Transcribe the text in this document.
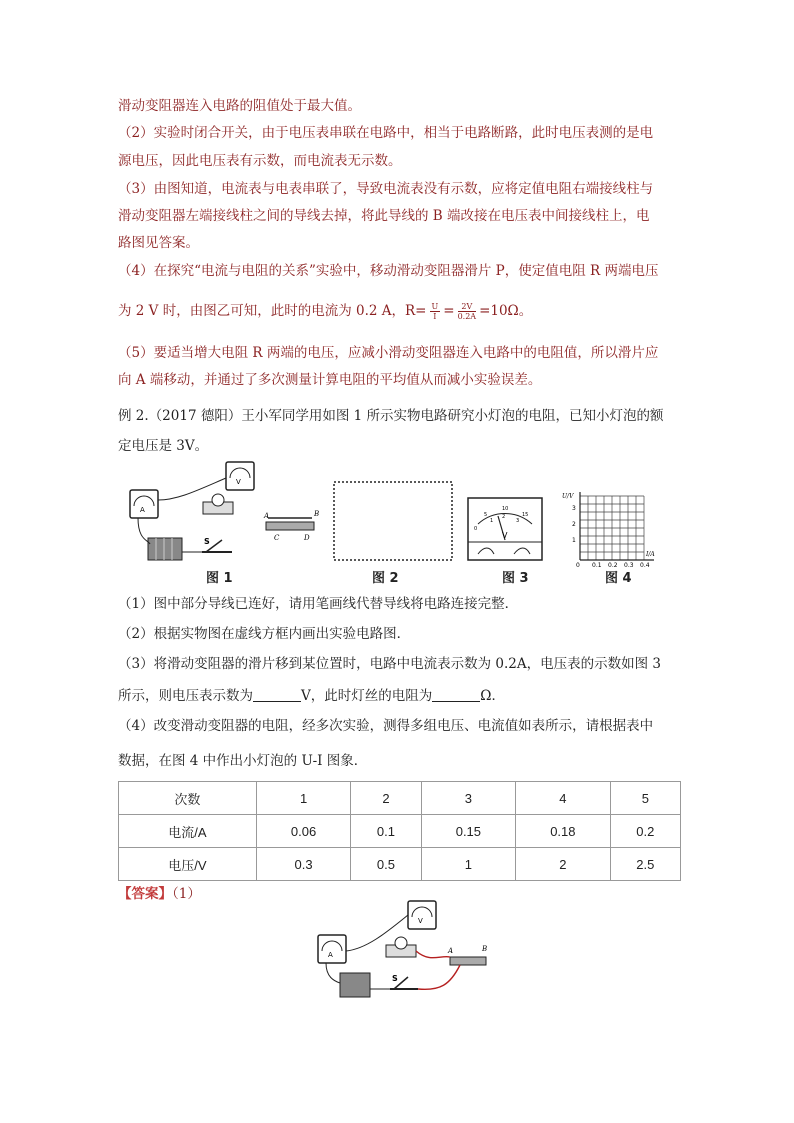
滑动变阻器连入电路的阻值处于最大值。
（2）实验时闭合开关，由于电压表串联在电路中，相当于电路断路，此时电压表测的是电
源电压，因此电压表有示数，而电流表无示数。
（3）由图知道，电流表与电表串联了，导致电流表没有示数，应将定值电阻右端接线柱与
滑动变阻器左端接线柱之间的导线去掉，将此导线的 B 端改接在电压表中间接线柱上，电
路图见答案。
（4）在探究“电流与电阻的关系”实验中，移动滑动变阻器滑片 P，使定值电阻 R 两端电压
为 2 V 时，由图乙可知，此时的电流为 0.2 A，$R= \frac{U}{I} = \frac{2V}{0.2A} =10\Omega$。
（5）要适当增大电阻 R 两端的电压，应减小滑动变阻器连入电路中的电阻值，所以滑片应
向 A 端移动，并通过了多次测量计算电阻的平均值从而减小实验误差。
例 2.（2017 德阳）王小军同学用如图 1 所示实物电路研究小灯泡的电阻，已知小灯泡的额
定电压是 3V。
A
V
S
A	B
C	D
0
5
10
15
1
2
3
V
U/V
I/A
3
2
1
0 0.1 0.2 0.3 0.4
图 1	图 2	图 3	图 4
（1）图中部分导线已连好，请用笔画线代替导线将电路连接完整．
（2）根据实物图在虚线方框内画出实验电路图．
（3）将滑动变阻器的滑片移到某位置时，电路中电流表示数为 0.2A，电压表的示数如图 3
所示，则电压表示数为	V，此时灯丝的电阻为	Ω．
（4）改变滑动变阻器的电阻，经多次实验，测得多组电压、电流值如表所示，请根据表中
数据，在图 4 中作出小灯泡的 U-I 图象．
次数	1	2	3	4	5
电流/A	0.06	0.1	0.15	0.18	0.2
电压/V	0.3	0.5	1	2	2.5
【答案】（1）
A
V
S
A	B
